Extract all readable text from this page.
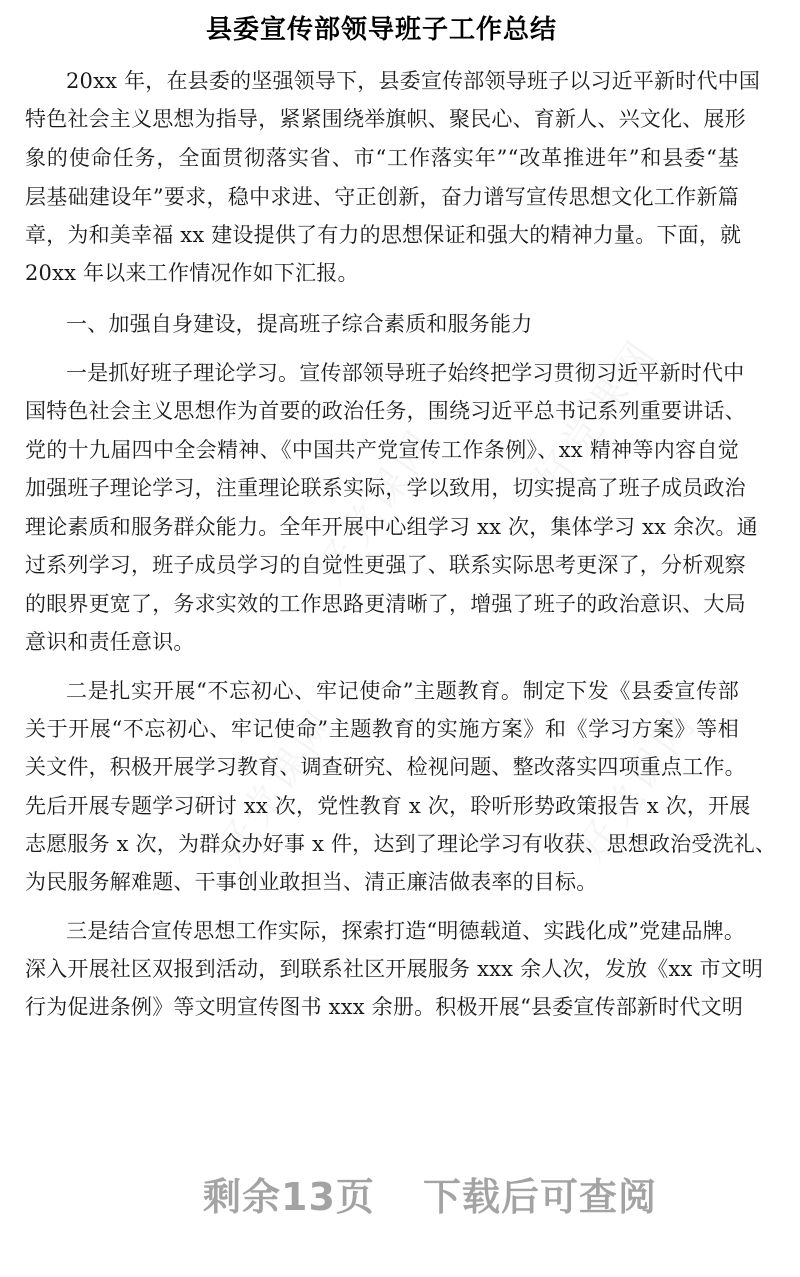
县委宣传部领导班子工作总结
20xx 年，在县委的坚强领导下，县委宣传部领导班子以习近平新时代中国
特色社会主义思想为指导，紧紧围绕举旗帜、聚民心、育新人、兴文化、展形
象的使命任务，全面贯彻落实省、市“工作落实年”“改革推进年”和县委“基
层基础建设年”要求，稳中求进、守正创新，奋力谱写宣传思想文化工作新篇
章，为和美幸福 xx 建设提供了有力的思想保证和强大的精神力量。下面，就
20xx 年以来工作情况作如下汇报。
一、加强自身建设，提高班子综合素质和服务能力
一是抓好班子理论学习。宣传部领导班子始终把学习贯彻习近平新时代中
国特色社会主义思想作为首要的政治任务，围绕习近平总书记系列重要讲话、
党的十九届四中全会精神、《中国共产党宣传工作条例》、xx 精神等内容自觉
加强班子理论学习，注重理论联系实际，学以致用，切实提高了班子成员政治
理论素质和服务群众能力。全年开展中心组学习 xx 次，集体学习 xx 余次。通
过系列学习，班子成员学习的自觉性更强了、联系实际思考更深了，分析观察
的眼界更宽了，务求实效的工作思路更清晰了，增强了班子的政治意识、大局
意识和责任意识。
二是扎实开展“不忘初心、牢记使命”主题教育。制定下发《县委宣传部
关于开展“不忘初心、牢记使命”主题教育的实施方案》和《学习方案》等相
关文件，积极开展学习教育、调查研究、检视问题、整改落实四项重点工作。
先后开展专题学习研讨 xx 次，党性教育 x 次，聆听形势政策报告 x 次，开展
志愿服务 x 次，为群众办好事 x 件，达到了理论学习有收获、思想政治受洗礼、
为民服务解难题、干事创业敢担当、清正廉洁做表率的目标。
三是结合宣传思想工作实际，探索打造“明德载道、实践化成”党建品牌。
深入开展社区双报到活动，到联系社区开展服务 xxx 余人次，发放《xx 市文明
行为促进条例》等文明宣传图书 xxx 余册。积极开展“县委宣传部新时代文明
剩余13页 下载后可查阅
